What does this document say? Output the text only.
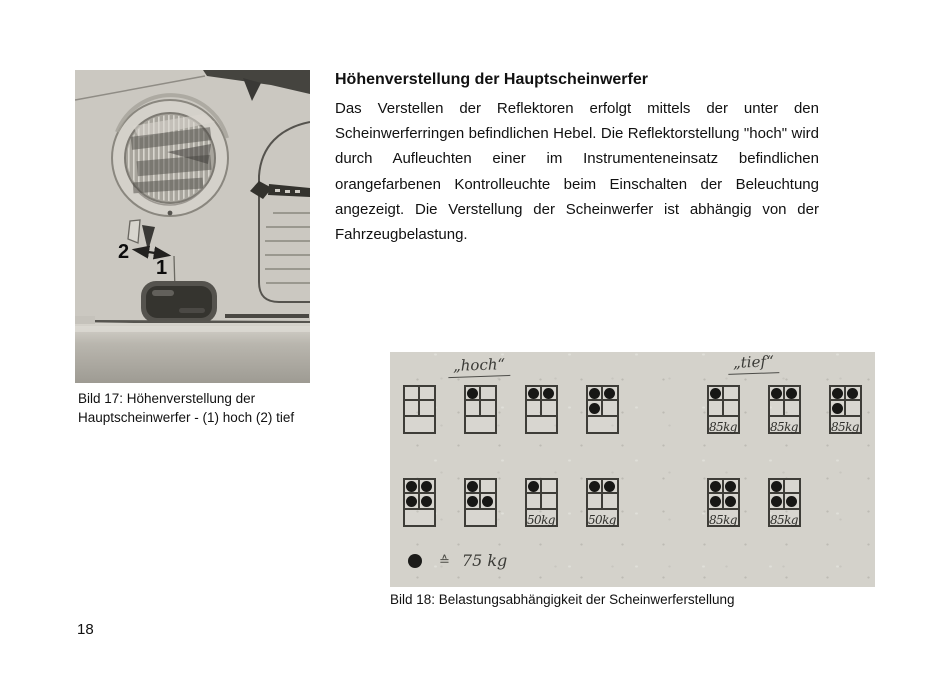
2
1
Bild 17: Höhenverstellung der
Hauptscheinwerfer - (1) hoch (2) tief
Höhenverstellung der Hauptscheinwerfer

Das Verstellen der Reflektoren erfolgt mittels der unter den Scheinwerferringen befindlichen Hebel. Die Reflektorstellung "hoch" wird durch Aufleuchten einer im Instrumenteneinsatz befindlichen orangefarbenen Kontrolleuchte beim Einschalten der Beleuchtung angezeigt. Die Verstellung der Scheinwerfer ist abhängig von der Fahrzeugbelastung.

„hoch“	„tief“
85kg	85kg	85kg
50kg	50kg	85kg	85kg
≙ 75 kg
Bild 18: Belastungsabhängigkeit der Scheinwerferstellung
18
